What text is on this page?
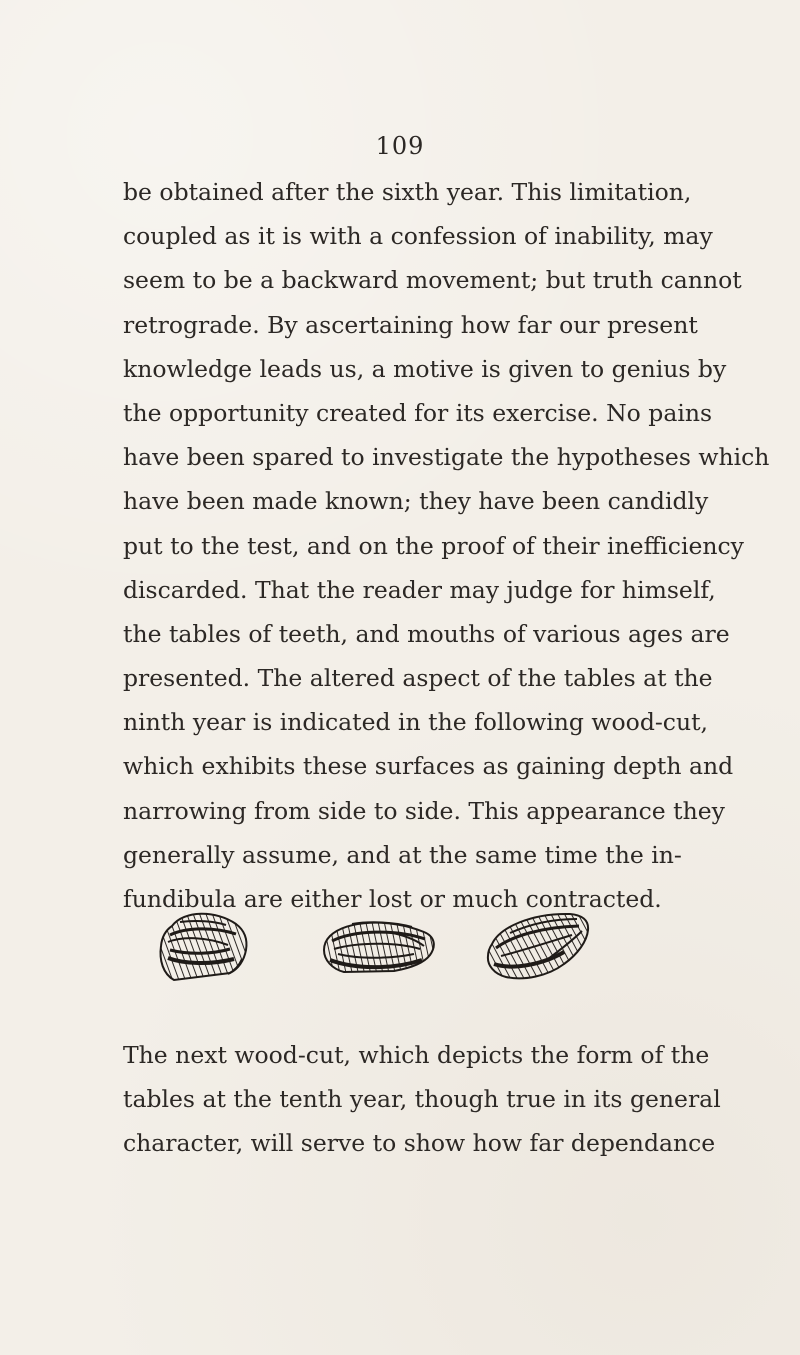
109
be obtained after the sixth year. This limitation,
coupled as it is with a confession of inability, may
seem to be a backward movement; but truth cannot
retrograde. By ascertaining how far our present
knowledge leads us, a motive is given to genius by
the opportunity created for its exercise. No pains
have been spared to investigate the hypotheses which
have been made known; they have been candidly
put to the test, and on the proof of their inefficiency
discarded. That the reader may judge for himself,
the tables of teeth, and mouths of various ages are
presented. The altered aspect of the tables at the
ninth year is indicated in the following wood-cut,
which exhibits these surfaces as gaining depth and
narrowing from side to side. This appearance they
generally assume, and at the same time the in-
fundibula are either lost or much contracted.
The next wood-cut, which depicts the form of the
tables at the tenth year, though true in its general
character, will serve to show how far dependance
